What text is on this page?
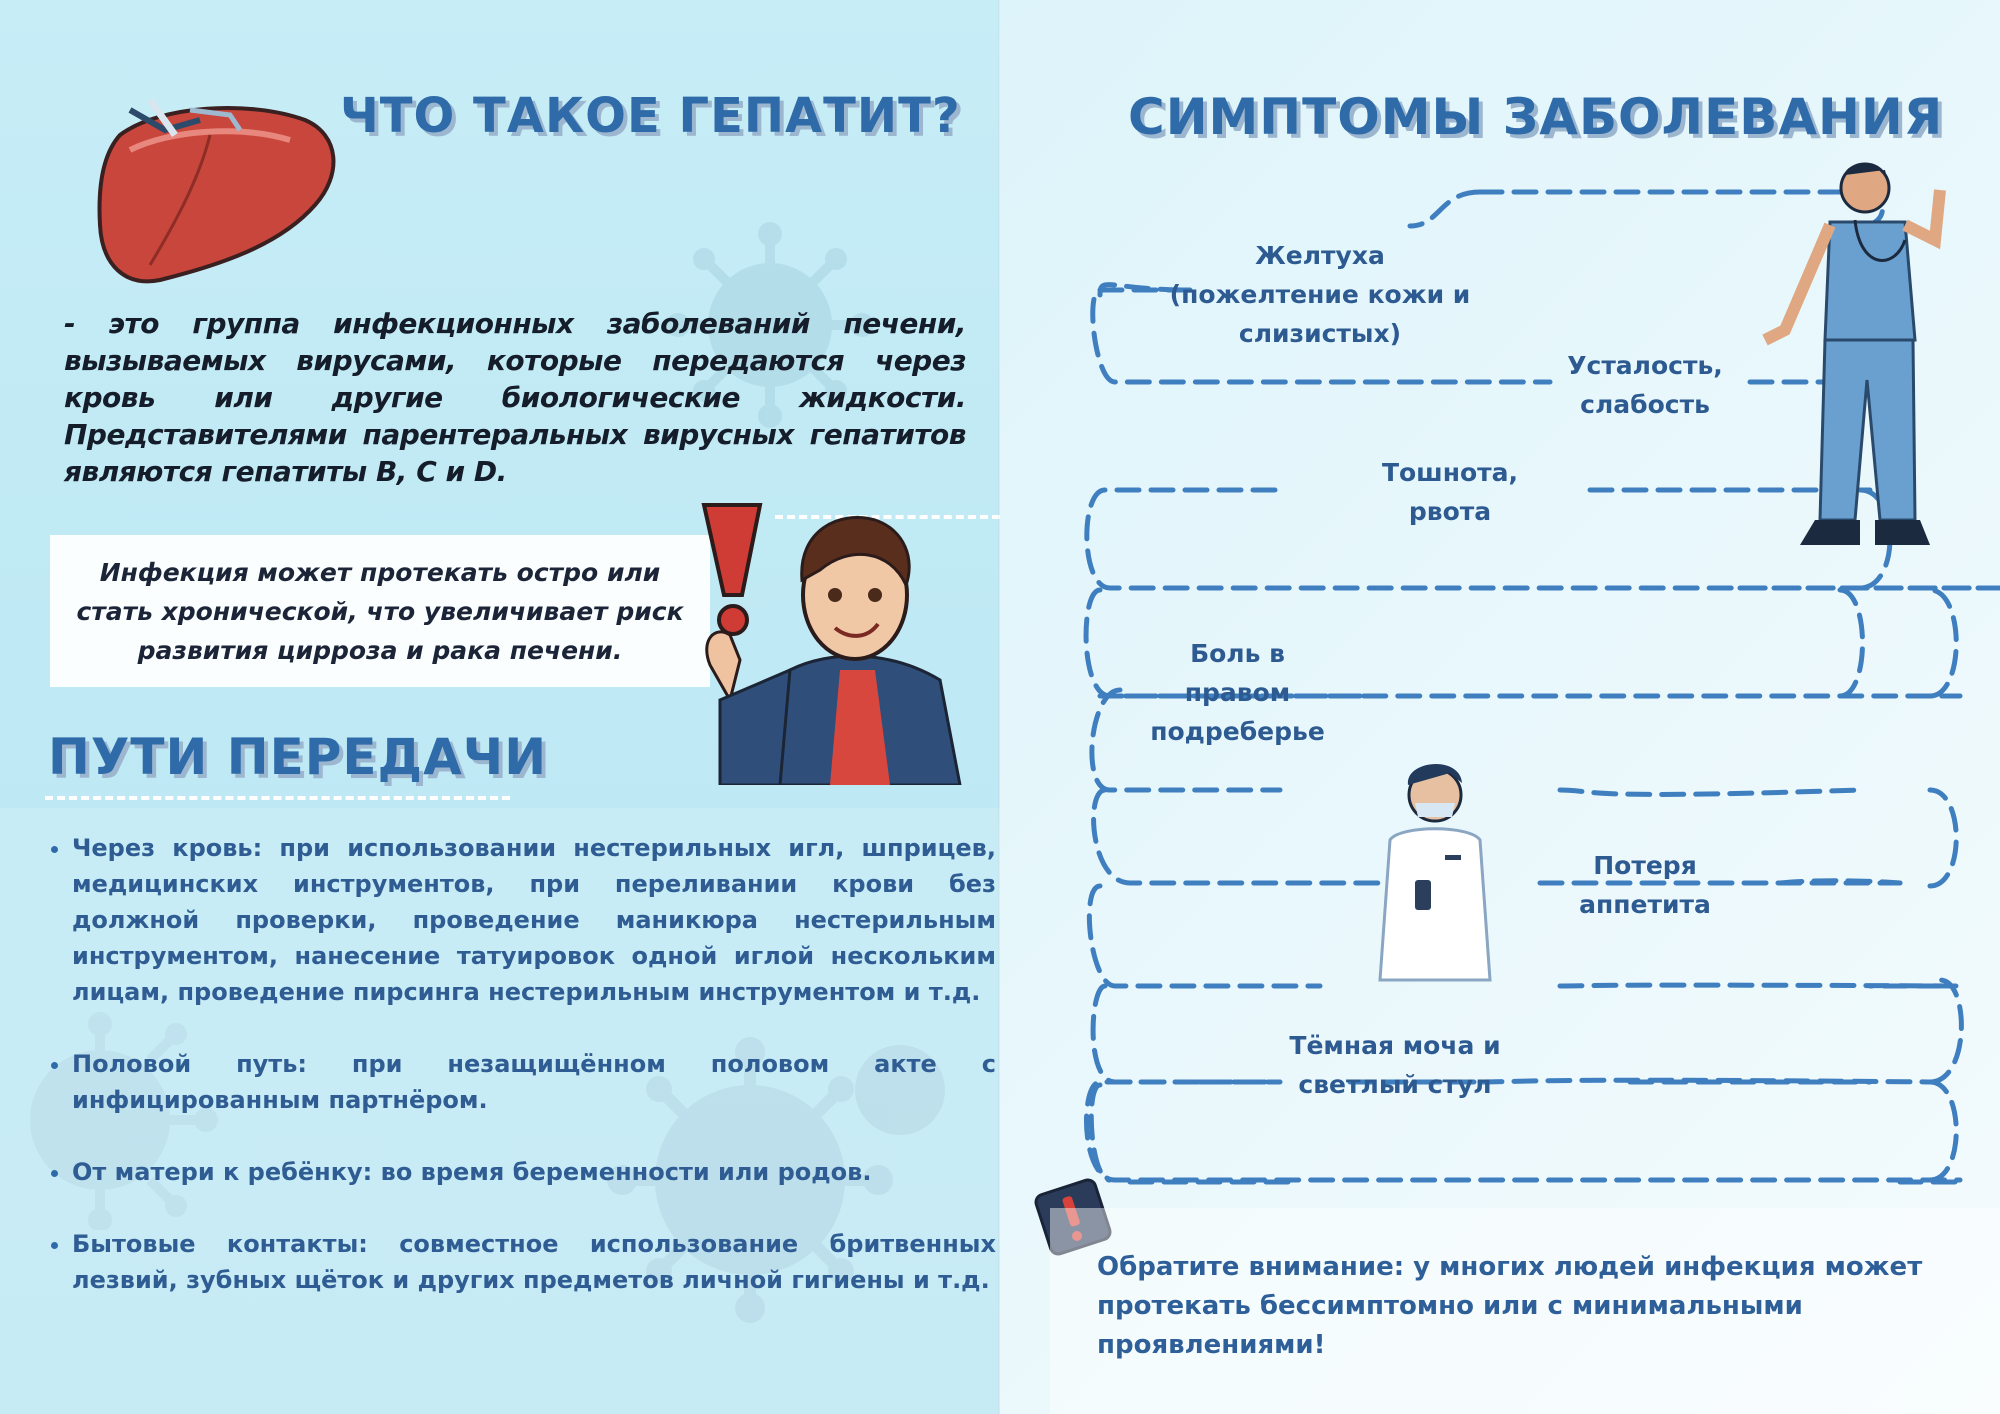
ЧТО ТАКОЕ ГЕПАТИТ?

- это группа инфекционных заболеваний печени, вызываемых вирусами, которые передаются через кровь или другие биологические жидкости. Представителями парентеральных вирусных гепатитов являются гепатиты B, C и D.

Инфекция может протекать остро или стать хронической, что увеличивает риск развития цирроза и рака печени.

ПУТИ ПЕРЕДАЧИ
• Через кровь: при использовании нестерильных игл, шприцев, медицинских инструментов, при переливании крови без должной проверки, проведение маникюра нестерильным инструментом, нанесение татуировок одной иглой нескольким лицам, проведение пирсинга нестерильным инструментом и т.д.
• Половой путь: при незащищённом половом акте с инфицированным партнёром.
• От матери к ребёнку: во время беременности или родов.
• Бытовые контакты: совместное использование бритвенных лезвий, зубных щёток и других предметов личной гигиены и т.д.
СИМПТОМЫ ЗАБОЛЕВАНИЯ
Желтуха (пожелтение кожи и слизистых)
Усталость, слабость
Тошнота, рвота
Боль в правом подреберье
Потеря аппетита
Тёмная моча и светлый стул

Обратите внимание: у многих людей инфекция может протекать бессимптомно или с минимальными проявлениями!
